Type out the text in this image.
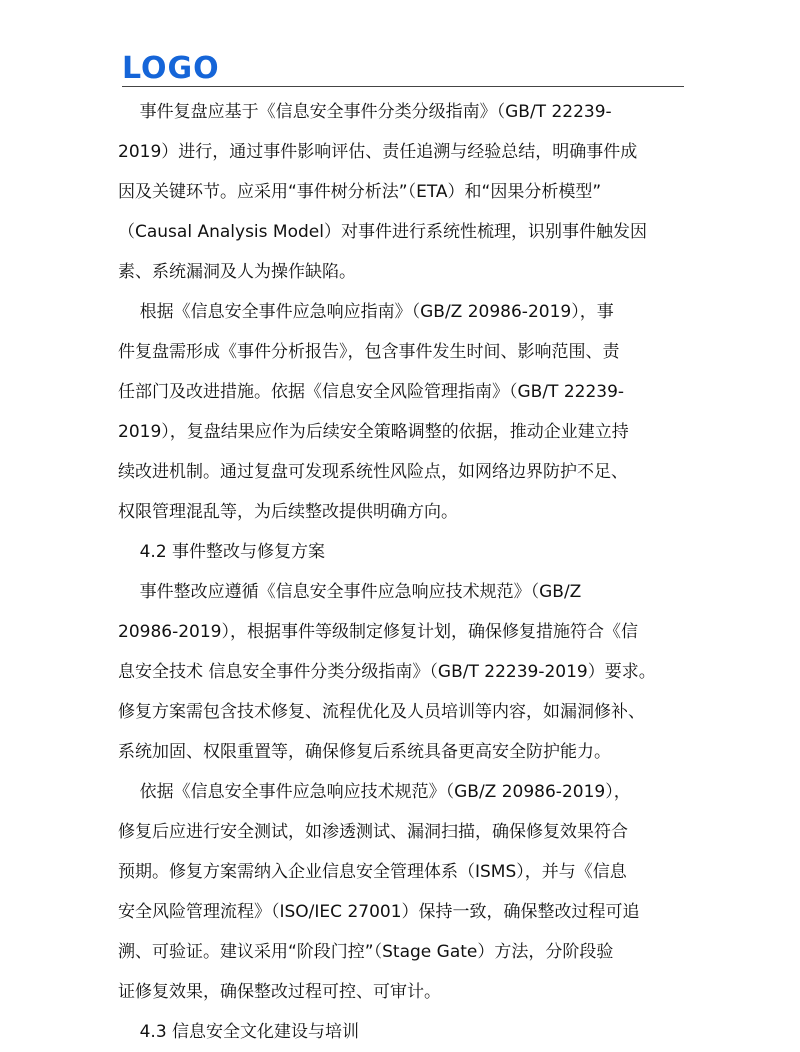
LOGO
事件复盘应基于《信息安全事件分类分级指南》（GB/T 22239-
2019）进行，通过事件影响评估、责任追溯与经验总结，明确事件成
因及关键环节。应采用“事件树分析法”（ETA）和“因果分析模型”
（Causal Analysis Model）对事件进行系统性梳理，识别事件触发因
素、系统漏洞及人为操作缺陷。
根据《信息安全事件应急响应指南》（GB/Z 20986-2019），事
件复盘需形成《事件分析报告》，包含事件发生时间、影响范围、责
任部门及改进措施。依据《信息安全风险管理指南》（GB/T 22239-
2019），复盘结果应作为后续安全策略调整的依据，推动企业建立持
续改进机制。通过复盘可发现系统性风险点，如网络边界防护不足、
权限管理混乱等，为后续整改提供明确方向。
4.2 事件整改与修复方案
事件整改应遵循《信息安全事件应急响应技术规范》（GB/Z
20986-2019），根据事件等级制定修复计划，确保修复措施符合《信
息安全技术 信息安全事件分类分级指南》（GB/T 22239-2019）要求。
修复方案需包含技术修复、流程优化及人员培训等内容，如漏洞修补、
系统加固、权限重置等，确保修复后系统具备更高安全防护能力。
依据《信息安全事件应急响应技术规范》（GB/Z 20986-2019），
修复后应进行安全测试，如渗透测试、漏洞扫描，确保修复效果符合
预期。修复方案需纳入企业信息安全管理体系（ISMS），并与《信息
安全风险管理流程》（ISO/IEC 27001）保持一致，确保整改过程可追
溯、可验证。建议采用“阶段门控”（Stage Gate）方法，分阶段验
证修复效果，确保整改过程可控、可审计。
4.3 信息安全文化建设与培训
